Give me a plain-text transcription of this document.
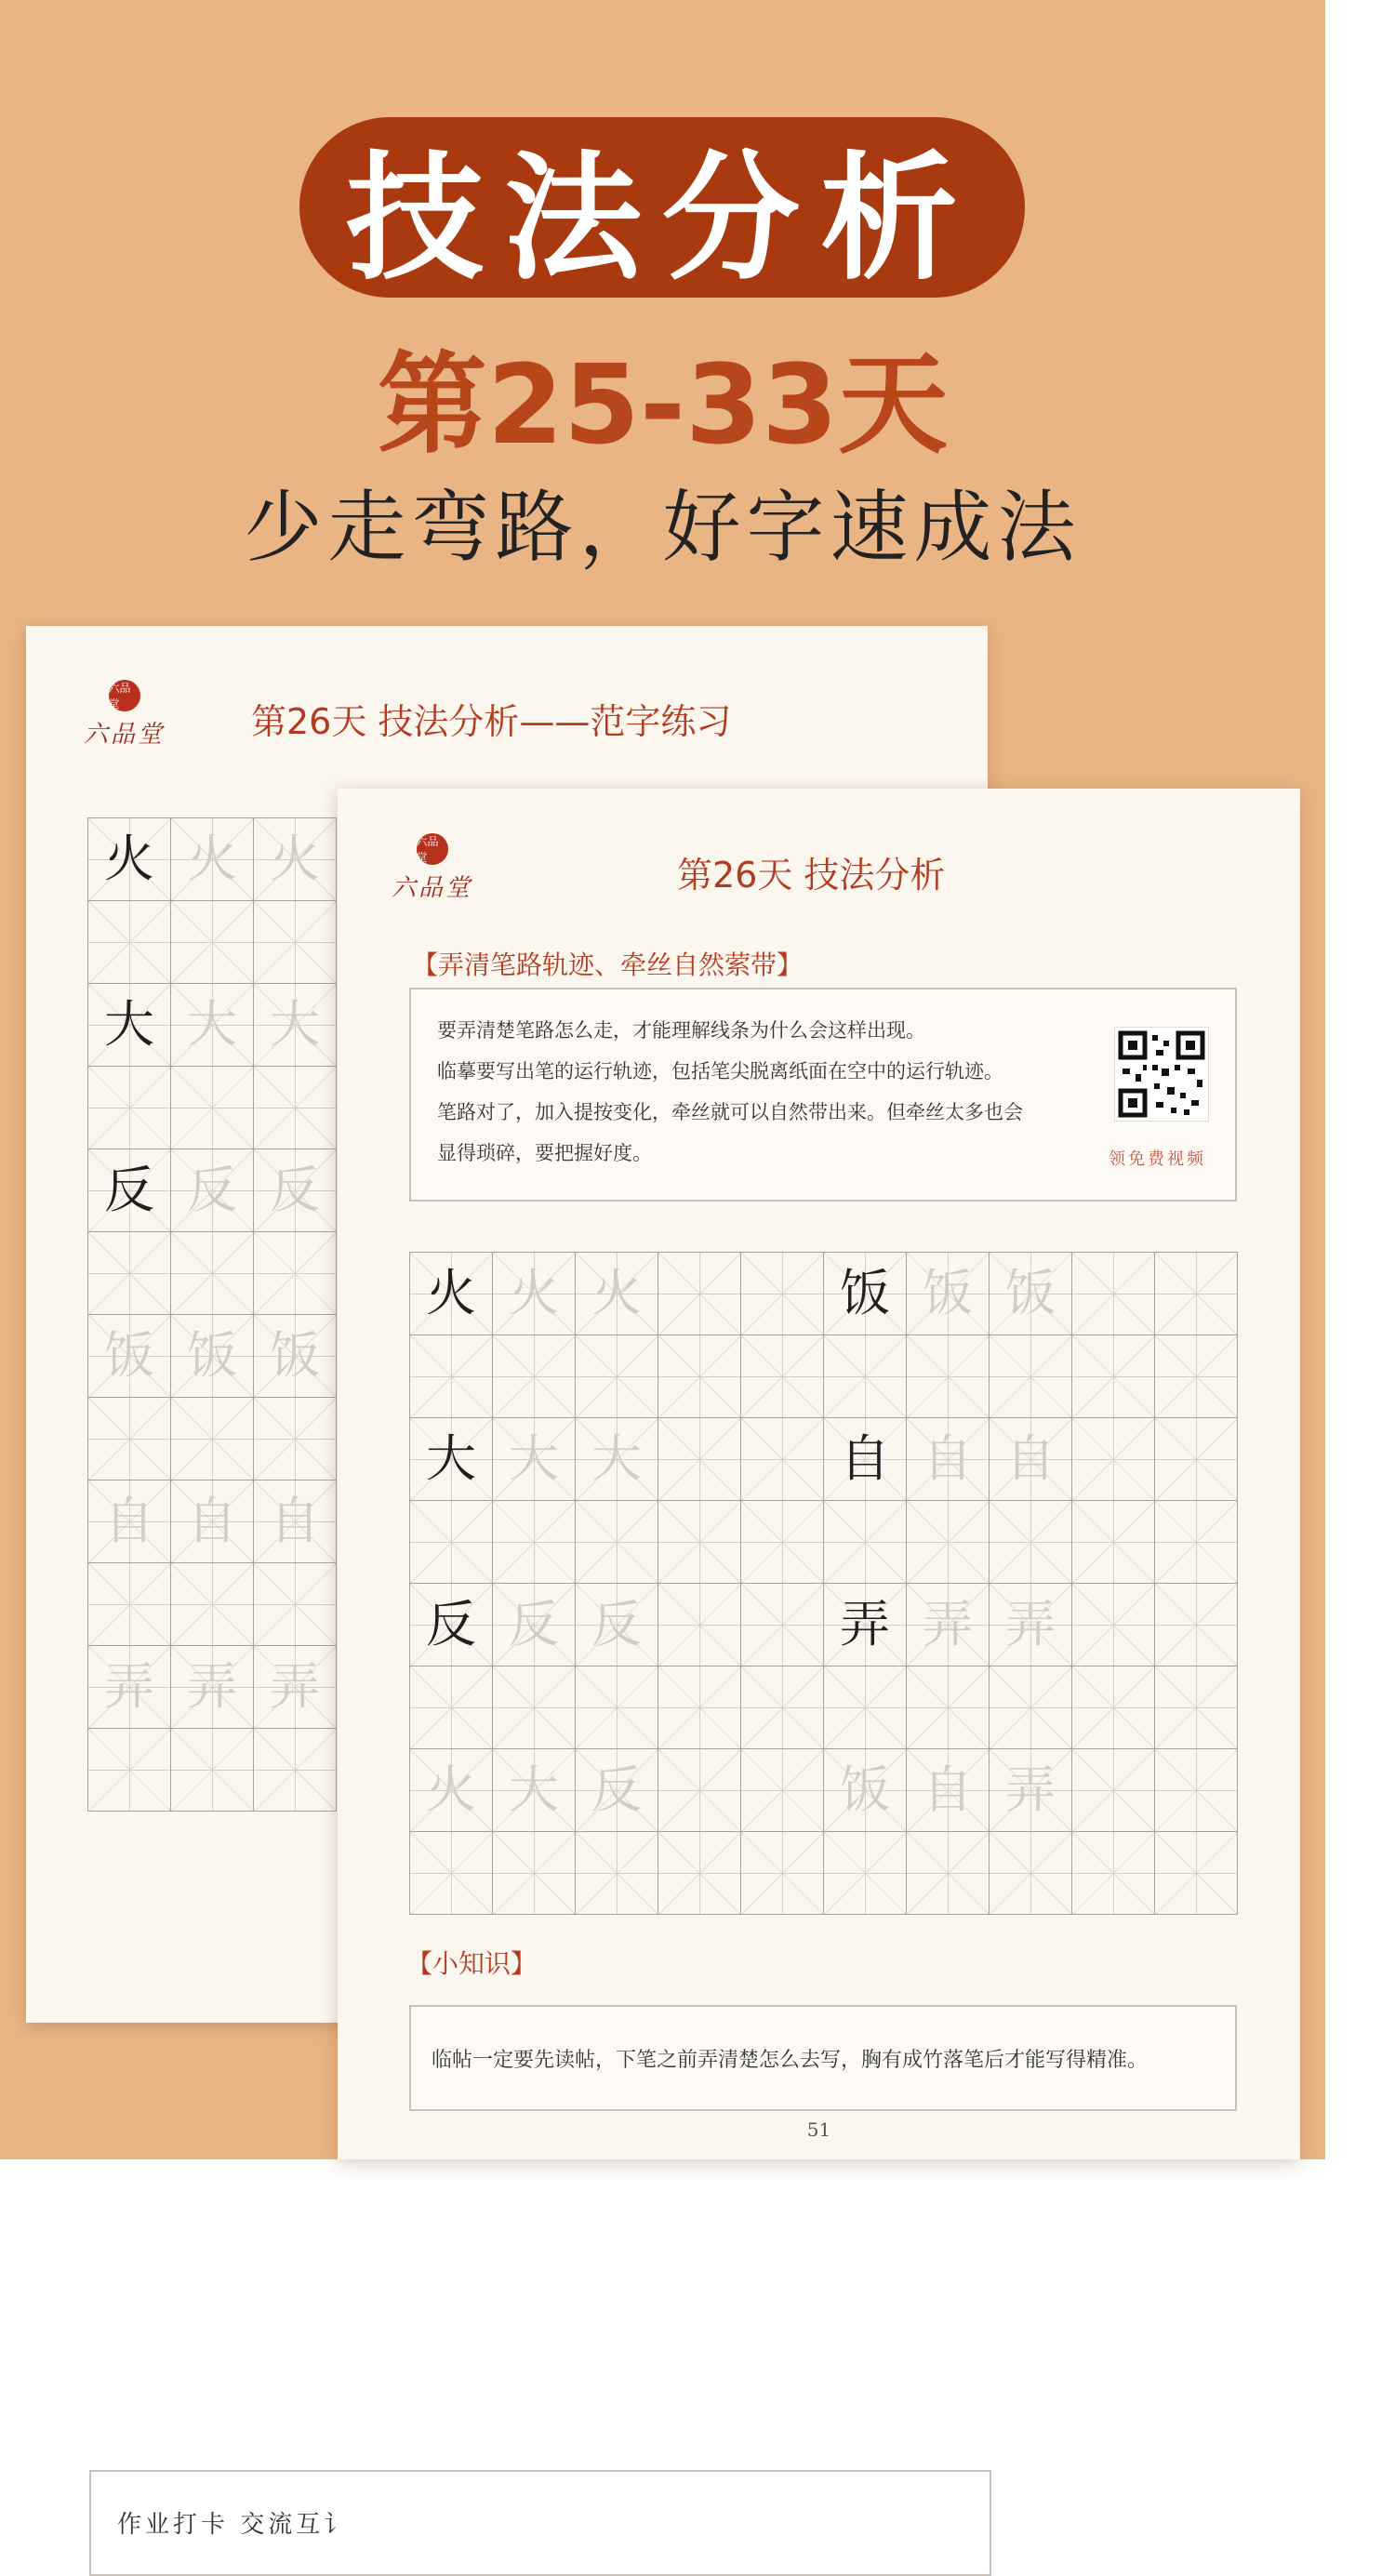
技法分析
第25-33天
少走弯路，好字速成法
六品堂
六品堂 第26天 技法分析——范字练习
火	火	火

大	大	大

反	反	反

饭	饭	饭

自	自	自

弄	弄	弄

作业打卡 交流互讠
六品堂
六品堂	第26天 技法分析
【弄清笔路轨迹、牵丝自然萦带】
要弄清楚笔路怎么走，才能理解线条为什么会这样出现。
临摹要写出笔的运行轨迹，包括笔尖脱离纸面在空中的运行轨迹。
笔路对了，加入提按变化，牵丝就可以自然带出来。但牵丝太多也会
显得琐碎，要把握好度。	领免费视频
火	火	火			饭	饭	饭		

大	大	大			自	自	自		

反	反	反			弄	弄	弄		

火	大	反			饭	自	弄		

【小知识】
临帖一定要先读帖，下笔之前弄清楚怎么去写，胸有成竹落笔后才能写得精准。
51
